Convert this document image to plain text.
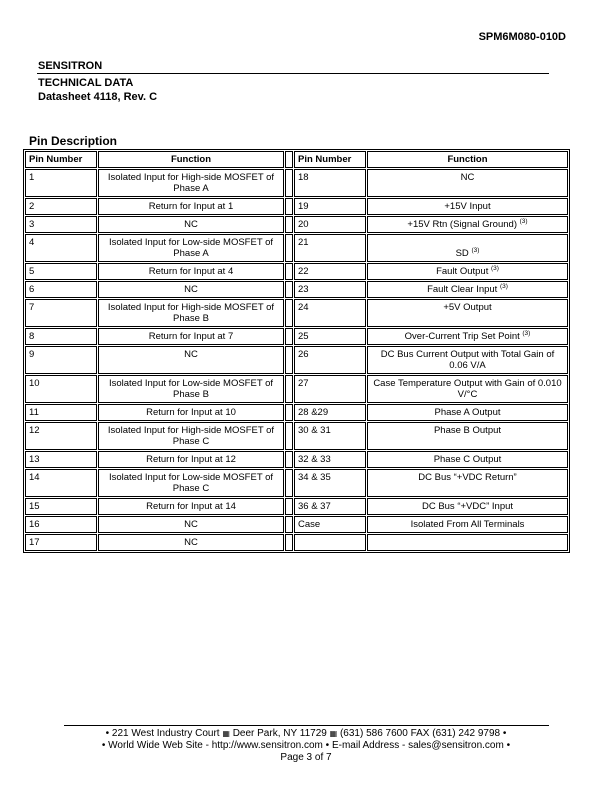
SPM6M080-010D
SENSITRON
TECHNICAL DATA
Datasheet 4118, Rev. C
Pin Description
Pin Number	Function		Pin Number	Function
1	Isolated Input for High-side MOSFET of Phase A		18	NC
2	Return for Input at 1		19	+15V Input
3	NC		20	+15V Rtn (Signal Ground) $^{(3)}$
4	Isolated Input for Low-side MOSFET of Phase A		21	SD $^{(3)}$
5	Return for Input at 4		22	Fault Output $^{(3)}$
6	NC		23	Fault Clear Input $^{(3)}$
7	Isolated Input for High-side MOSFET of Phase B		24	+5V Output
8	Return for Input at 7		25	Over-Current Trip Set Point $^{(3)}$
9	NC		26	DC Bus Current Output with Total Gain of 0.06 V/A
10	Isolated Input for Low-side MOSFET of Phase B		27	Case Temperature Output with Gain of 0.010 V/°C
11	Return for Input at 10		28 &29	Phase A Output
12	Isolated Input for High-side MOSFET of Phase C		30 & 31	Phase B Output
13	Return for Input at 12		32 & 33	Phase C Output
14	Isolated Input for Low-side MOSFET of Phase C		34 & 35	DC Bus “+VDC Return”
15	Return for Input at 14		36 & 37	DC Bus “+VDC” Input
16	NC		Case	Isolated From All Terminals
17	NC			
• 221 West Industry Court ▦ Deer Park, NY 11729 ▦ (631) 586 7600 FAX (631) 242 9798 •
• World Wide Web Site - http://www.sensitron.com • E-mail Address - sales@sensitron.com •
Page 3 of 7
